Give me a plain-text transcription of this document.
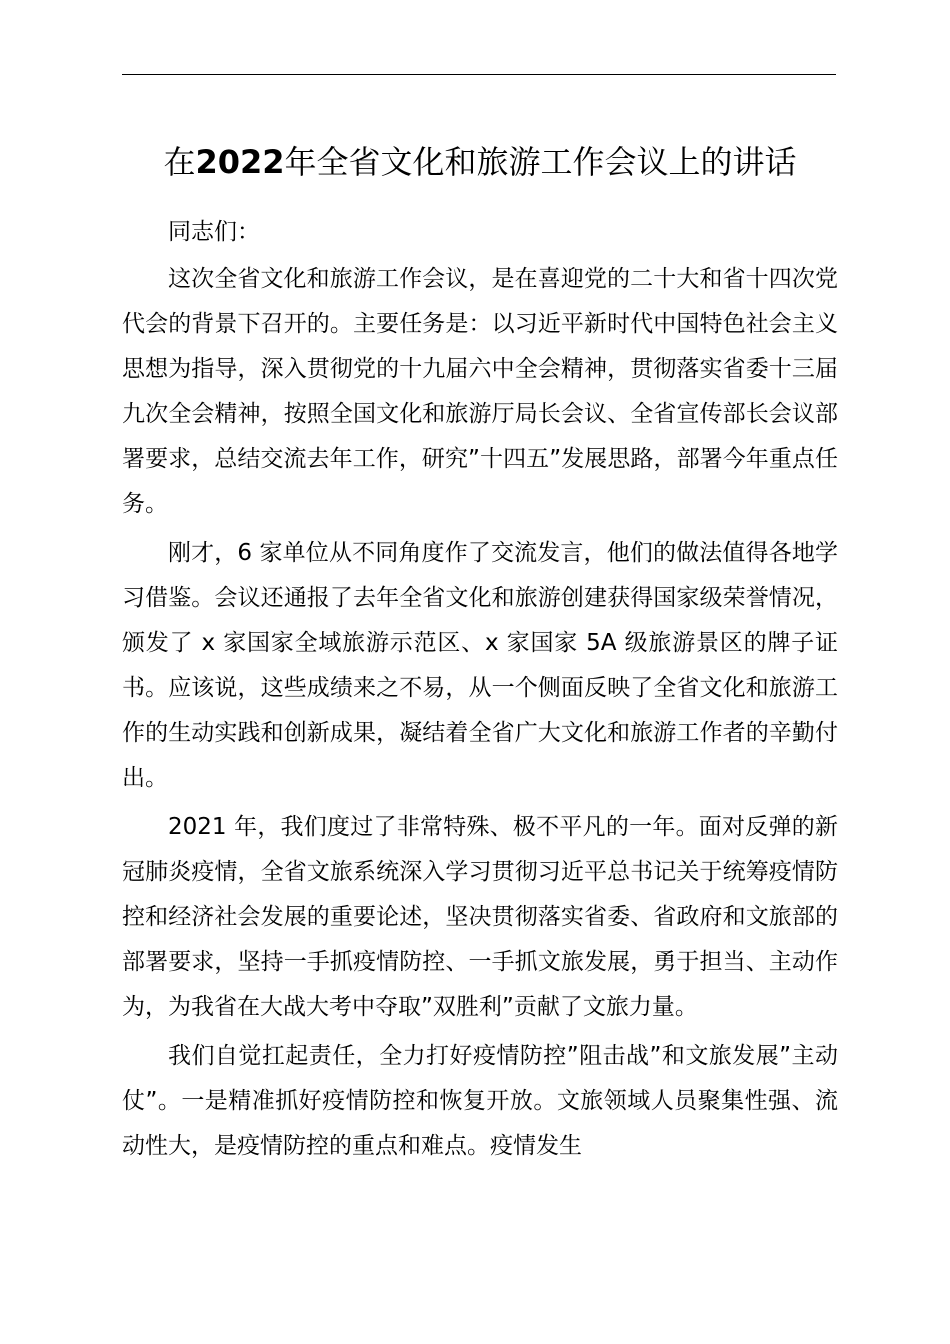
在2022年全省文化和旅游工作会议上的讲话

同志们：

这次全省文化和旅游工作会议，是在喜迎党的二十大和省十四次党代会的背景下召开的。主要任务是：以习近平新时代中国特色社会主义思想为指导，深入贯彻党的十九届六中全会精神，贯彻落实省委十三届九次全会精神，按照全国文化和旅游厅局长会议、全省宣传部长会议部署要求，总结交流去年工作，研究”十四五”发展思路，部署今年重点任务。

刚才，6 家单位从不同角度作了交流发言，他们的做法值得各地学习借鉴。会议还通报了去年全省文化和旅游创建获得国家级荣誉情况，颁发了 x 家国家全域旅游示范区、x 家国家 5A 级旅游景区的牌子证书。应该说，这些成绩来之不易，从一个侧面反映了全省文化和旅游工作的生动实践和创新成果，凝结着全省广大文化和旅游工作者的辛勤付出。

2021 年，我们度过了非常特殊、极不平凡的一年。面对反弹的新冠肺炎疫情，全省文旅系统深入学习贯彻习近平总书记关于统筹疫情防控和经济社会发展的重要论述，坚决贯彻落实省委、省政府和文旅部的部署要求，坚持一手抓疫情防控、一手抓文旅发展，勇于担当、主动作为，为我省在大战大考中夺取”双胜利”贡献了文旅力量。

我们自觉扛起责任，全力打好疫情防控”阻击战”和文旅发展”主动仗”。一是精准抓好疫情防控和恢复开放。文旅领域人员聚集性强、流动性大，是疫情防控的重点和难点。疫情发生
